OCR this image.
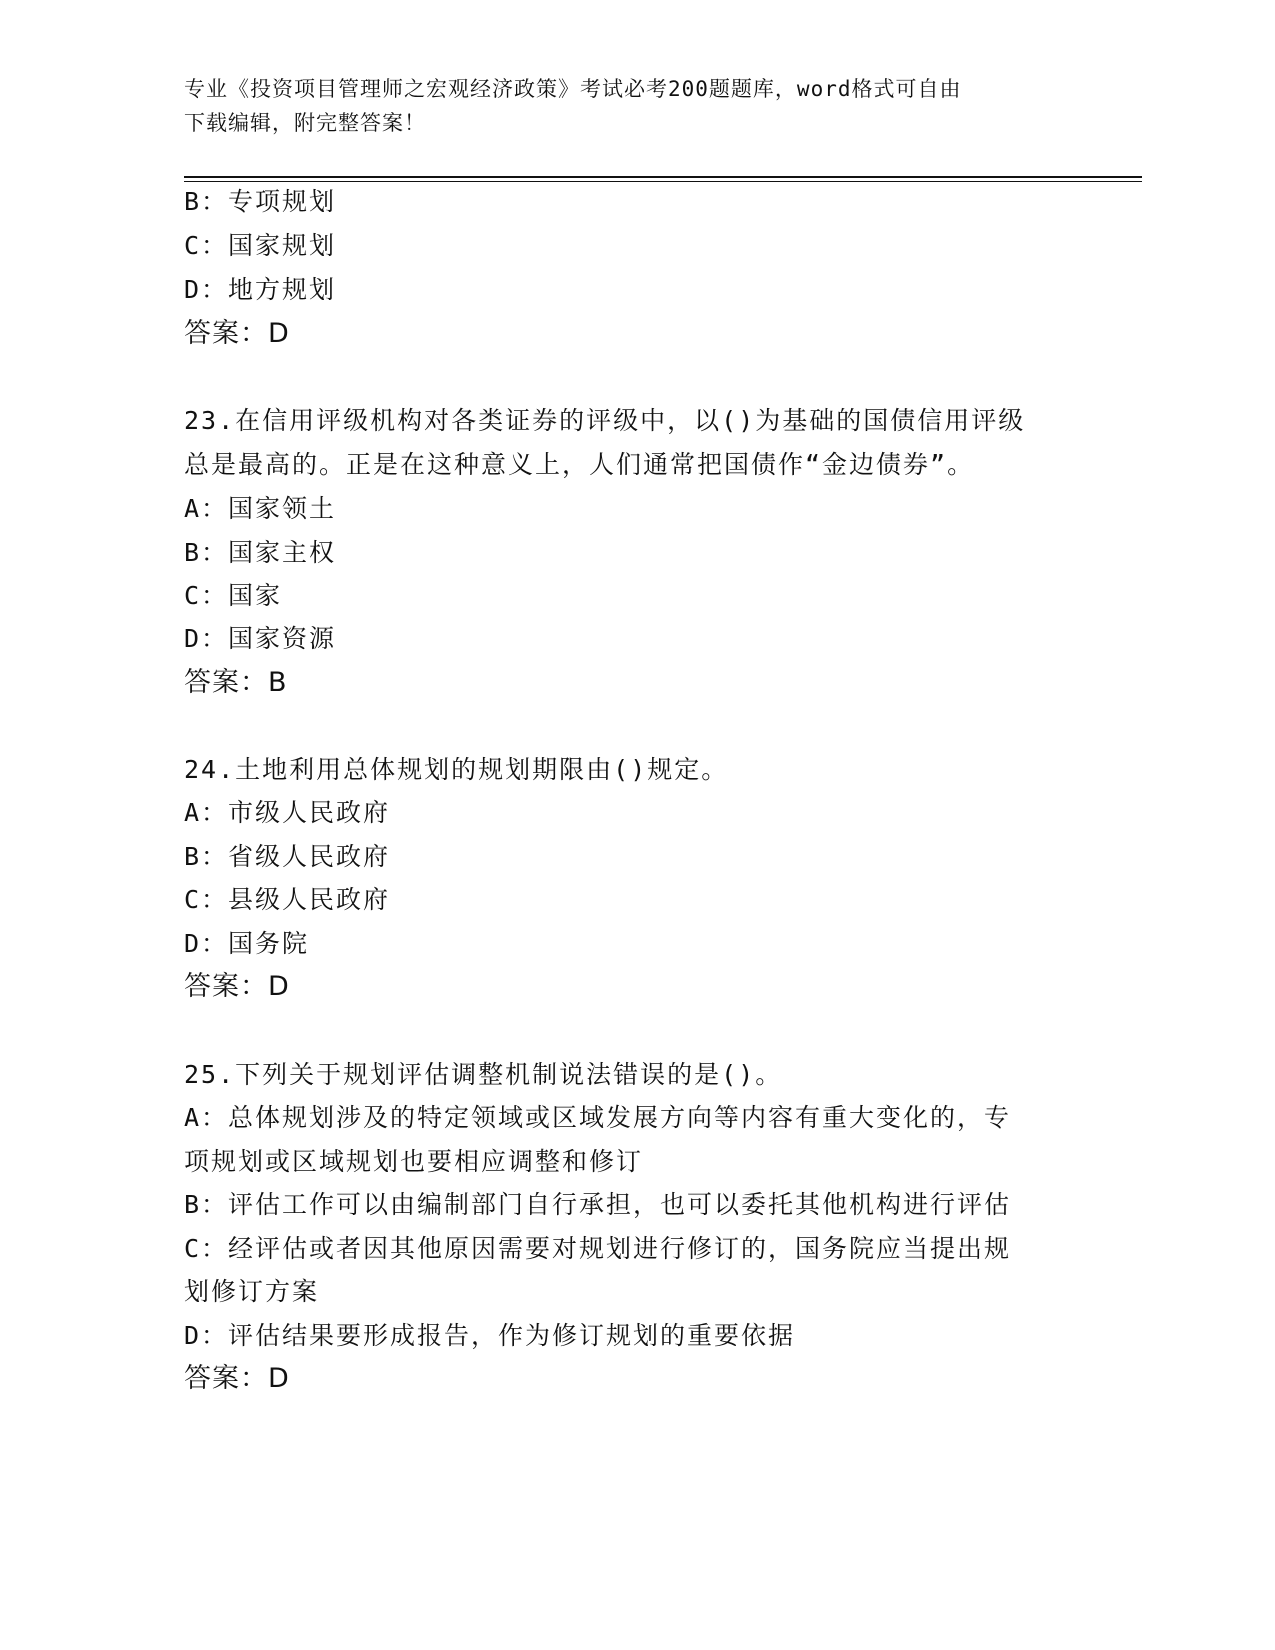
专业《投资项目管理师之宏观经济政策》考试必考200题题库，word格式可自由
下载编辑，附完整答案！
B：专项规划
C：国家规划
D：地方规划
答案：D
23.在信用评级机构对各类证券的评级中，以()为基础的国债信用评级
总是最高的。正是在这种意义上，人们通常把国债作“金边债券”。
A：国家领土
B：国家主权
C：国家
D：国家资源
答案：B
24.土地利用总体规划的规划期限由()规定。
A：市级人民政府
B：省级人民政府
C：县级人民政府
D：国务院
答案：D
25.下列关于规划评估调整机制说法错误的是()。
A：总体规划涉及的特定领域或区域发展方向等内容有重大变化的，专
项规划或区域规划也要相应调整和修订
B：评估工作可以由编制部门自行承担，也可以委托其他机构进行评估
C：经评估或者因其他原因需要对规划进行修订的，国务院应当提出规
划修订方案
D：评估结果要形成报告，作为修订规划的重要依据
答案：D
